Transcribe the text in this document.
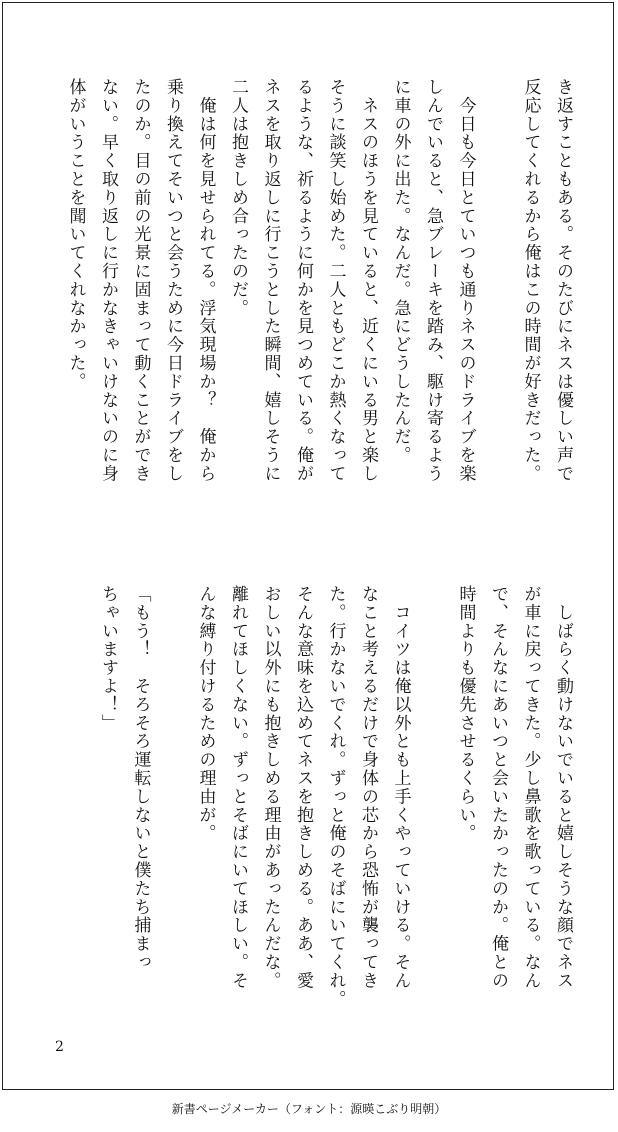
き返すこともある。そのたびにネスは優しい声で

反応してくれるから俺はこの時間が好きだった。

　今日も今日とていつも通りネスのドライブを楽

しんでいると、急ブレーキを踏み、駆け寄るよう

に車の外に出た。なんだ。急にどうしたんだ。

　ネスのほうを見ていると、近くにいる男と楽し

そうに談笑し始めた。二人ともどこか熱くなって

るような、祈るように何かを見つめている。俺が

ネスを取り返しに行こうとした瞬間、嬉しそうに

二人は抱きしめ合ったのだ。

　俺は何を見せられてる。浮気現場か？　俺から

乗り換えてそいつと会うために今日ドライブをし

たのか。目の前の光景に固まって動くことができ

ない。早く取り返しに行かなきゃいけないのに身

体がいうことを聞いてくれなかった。

　しばらく動けないでいると嬉しそうな顔でネス

が車に戻ってきた。少し鼻歌を歌っている。なん

で、そんなにあいつと会いたかったのか。俺との

時間よりも優先させるくらい。

　コイツは俺以外とも上手くやっていける。そん

なこと考えるだけで身体の芯から恐怖が襲ってき

た。行かないでくれ。ずっと俺のそばにいてくれ。

そんな意味を込めてネスを抱きしめる。ああ、愛

おしい以外にも抱きしめる理由があったんだな。

離れてほしくない。ずっとそばにいてほしい。そ

んな縛り付けるための理由が。

「もう！　そろそろ運転しないと僕たち捕まっ

ちゃいますよ！」

2
新書ページメーカー（フォント：源暎こぶり明朝）
